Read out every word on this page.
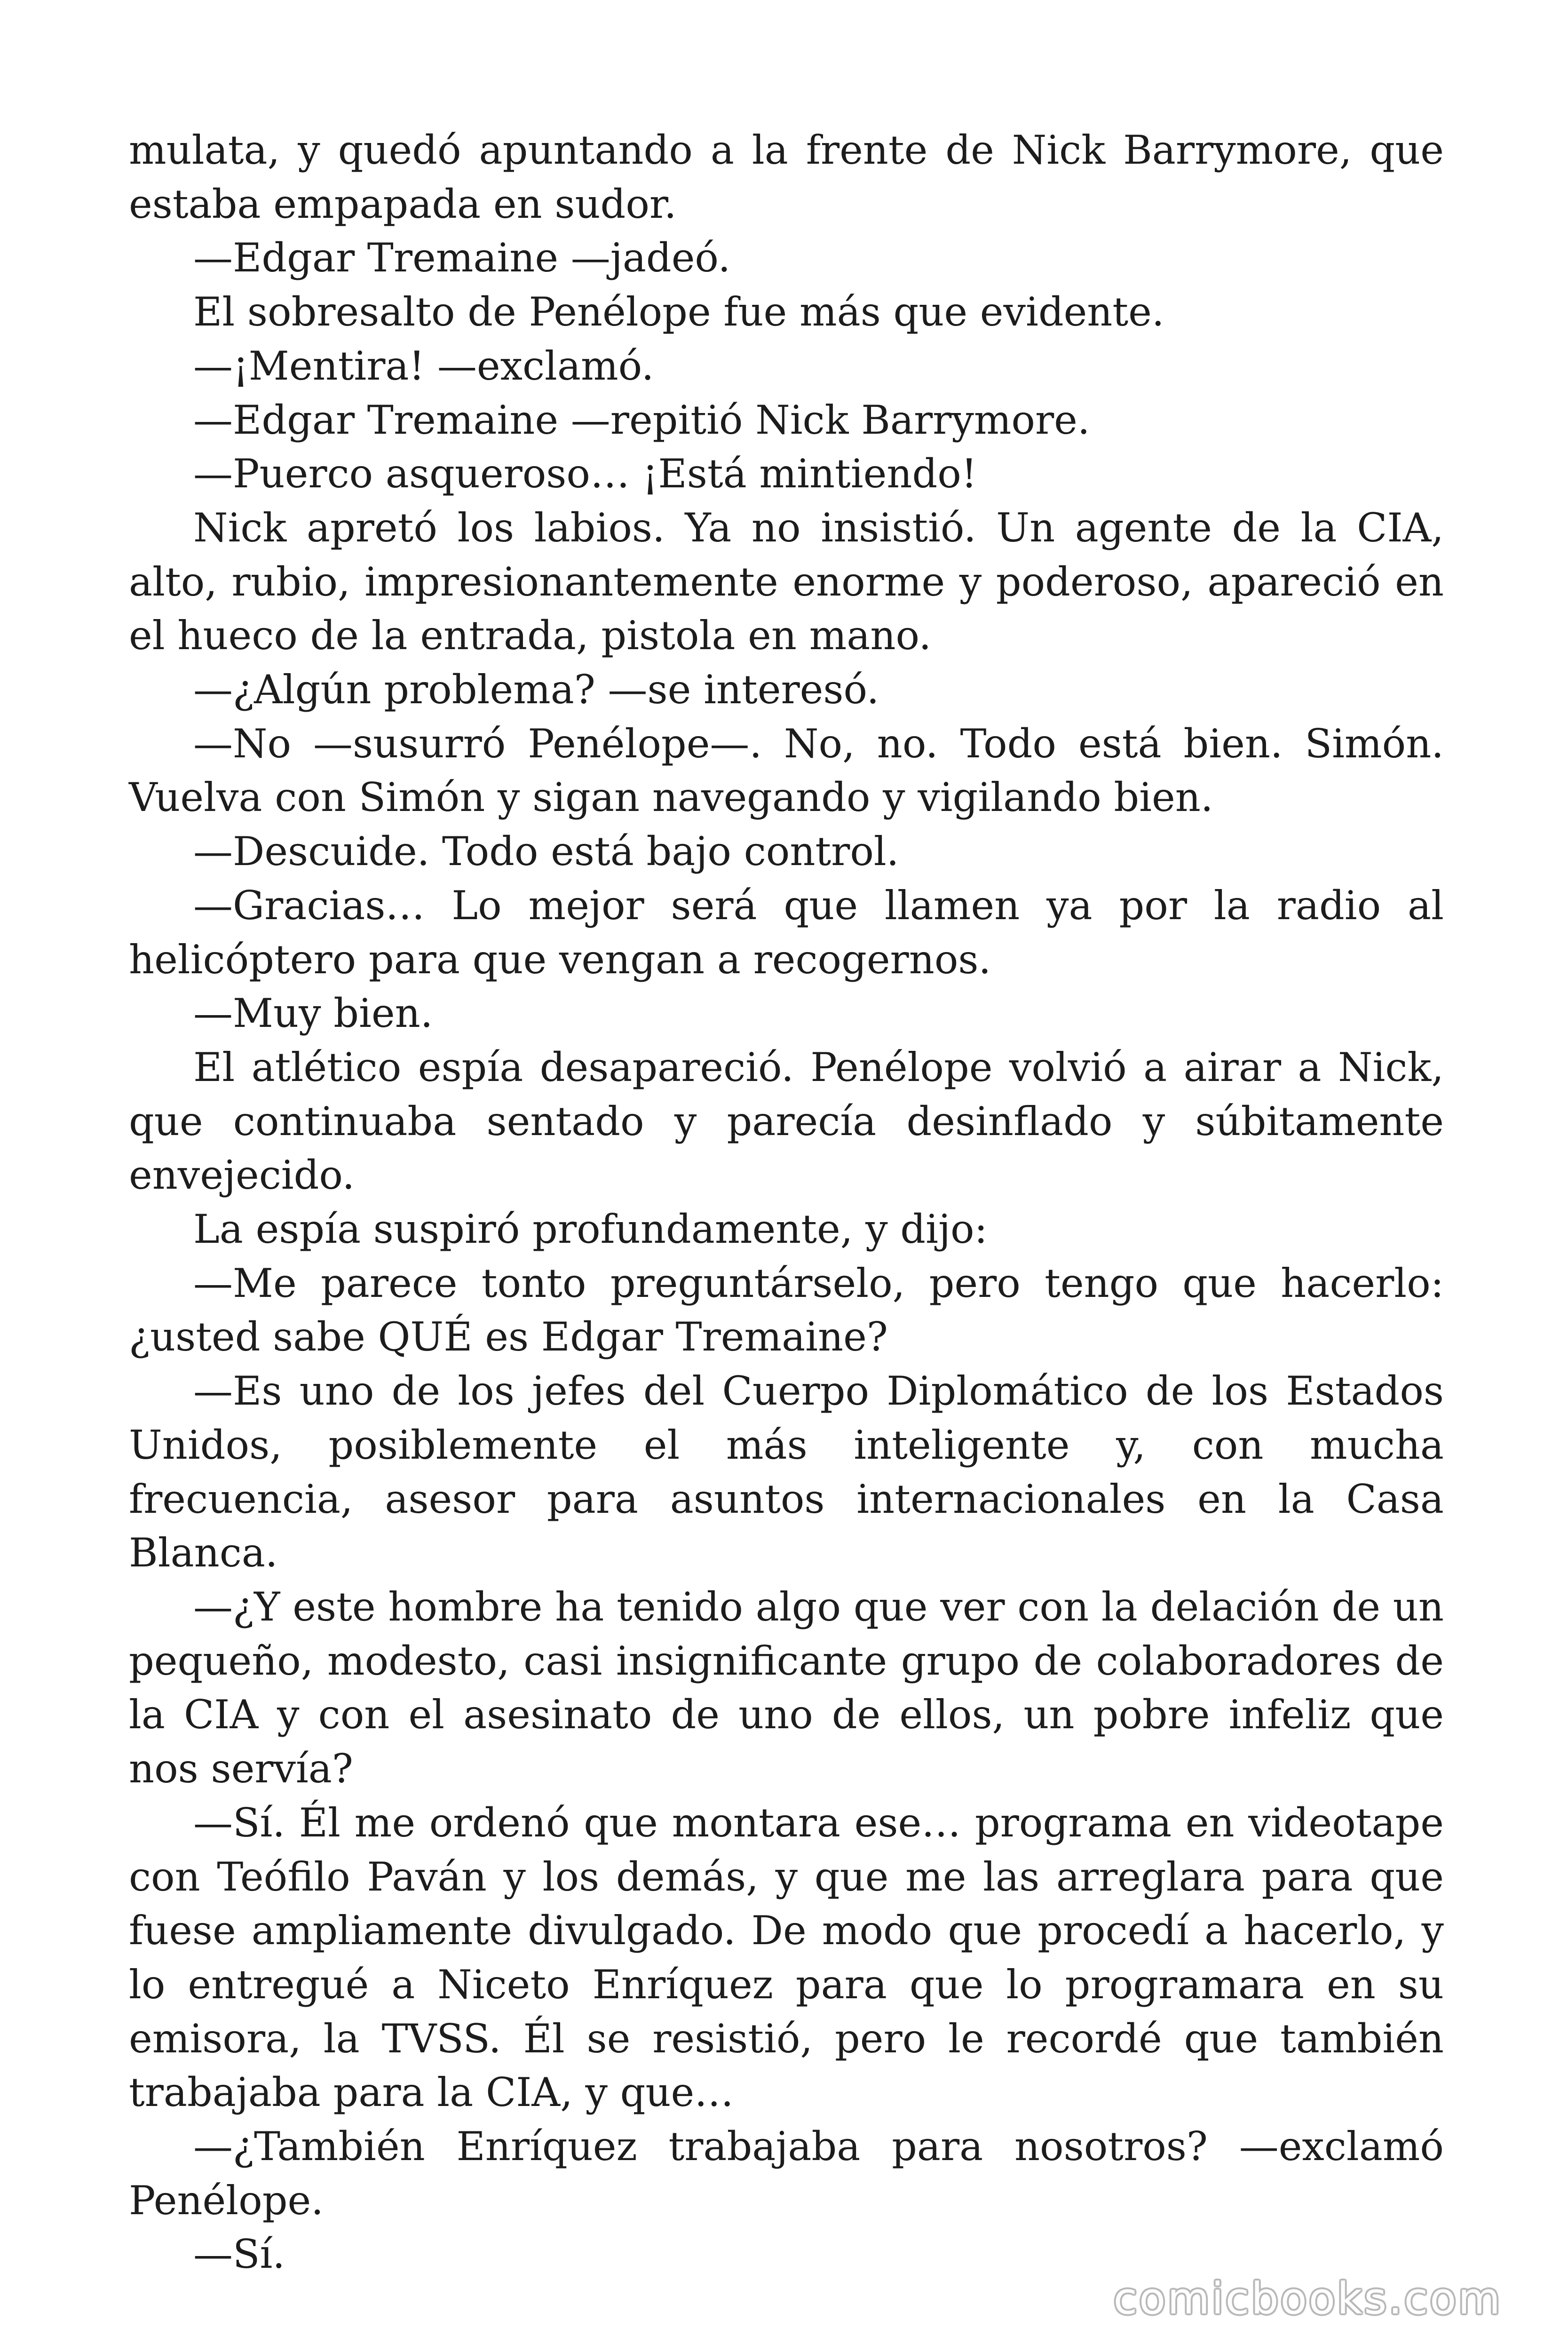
mulata, y quedó apuntando a la frente de Nick Barrymore, que estaba empapada en sudor.

—Edgar Tremaine —jadeó.

El sobresalto de Penélope fue más que evidente.

—¡Mentira! —exclamó.

—Edgar Tremaine —repitió Nick Barrymore.

—Puerco asqueroso… ¡Está mintiendo!

Nick apretó los labios. Ya no insistió. Un agente de la CIA, alto, rubio, impresionantemente enorme y poderoso, apareció en el hueco de la entrada, pistola en mano.

—¿Algún problema? —se interesó.

—No —susurró Penélope—. No, no. Todo está bien. Simón. Vuelva con Simón y sigan navegando y vigilando bien.

—Descuide. Todo está bajo control.

—Gracias… Lo mejor será que llamen ya por la radio al helicóptero para que vengan a recogernos.

—Muy bien.

El atlético espía desapareció. Penélope volvió a airar a Nick, que continuaba sentado y parecía desinflado y súbitamente envejecido.

La espía suspiró profundamente, y dijo:

—Me parece tonto preguntárselo, pero tengo que hacerlo: ¿usted sabe QUÉ es Edgar Tremaine?

—Es uno de los jefes del Cuerpo Diplomático de los Estados Unidos, posiblemente el más inteligente y, con mucha frecuencia, asesor para asuntos internacionales en la Casa Blanca.

—¿Y este hombre ha tenido algo que ver con la delación de un pequeño, modesto, casi insignificante grupo de colaboradores de la CIA y con el asesinato de uno de ellos, un pobre infeliz que nos servía?

—Sí. Él me ordenó que montara ese… programa en videotape con Teófilo Paván y los demás, y que me las arreglara para que fuese ampliamente divulgado. De modo que procedí a hacerlo, y lo entregué a Niceto Enríquez para que lo programara en su emisora, la TVSS. Él se resistió, pero le recordé que también trabajaba para la CIA, y que…

—¿También Enríquez trabajaba para nosotros? —exclamó Penélope.

—Sí.

comicbooks.com
